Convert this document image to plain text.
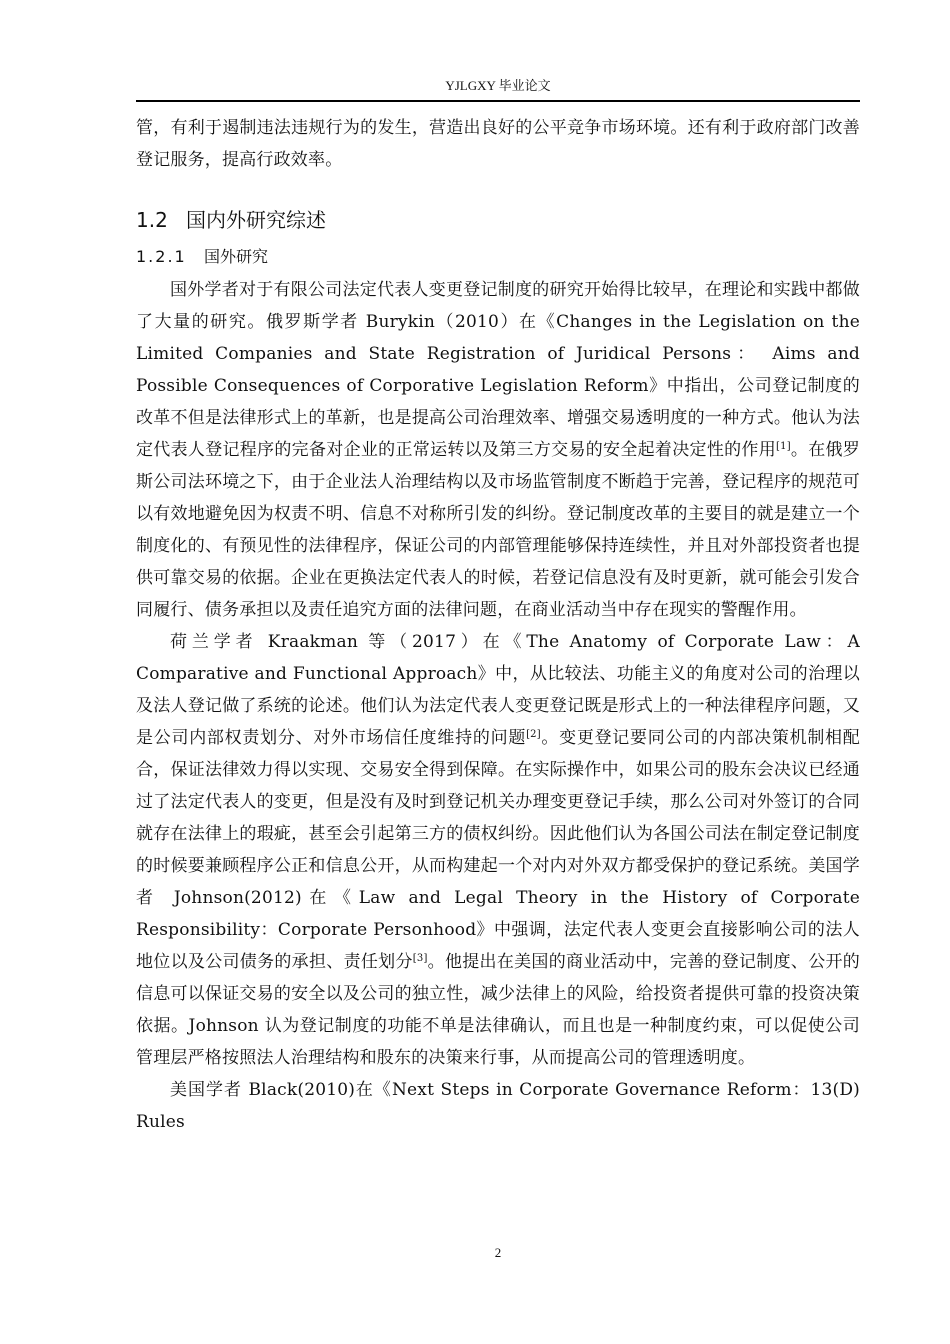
YJLGXY 毕业论文

管，有利于遏制违法违规行为的发生，营造出良好的公平竞争市场环境。还有利于政府部门改善登记服务，提高行政效率。

1.2 国内外研究综述
1.2.1 国外研究

国外学者对于有限公司法定代表人变更登记制度的研究开始得比较早，在理论和实践中都做了大量的研究。俄罗斯学者 Burykin（2010）在《Changes in the Legislation on the Limited Companies and State Registration of Juridical Persons： Aims and Possible Consequences of Corporative Legislation Reform》中指出，公司登记制度的改革不但是法律形式上的革新，也是提高公司治理效率、增强交易透明度的一种方式。他认为法定代表人登记程序的完备对企业的正常运转以及第三方交易的安全起着决定性的作用[1]。在俄罗斯公司法环境之下，由于企业法人治理结构以及市场监管制度不断趋于完善，登记程序的规范可以有效地避免因为权责不明、信息不对称所引发的纠纷。登记制度改革的主要目的就是建立一个制度化的、有预见性的法律程序，保证公司的内部管理能够保持连续性，并且对外部投资者也提供可靠交易的依据。企业在更换法定代表人的时候，若登记信息没有及时更新，就可能会引发合同履行、债务承担以及责任追究方面的法律问题，在商业活动当中存在现实的警醒作用。

荷兰学者 Kraakman 等（2017）在《The Anatomy of Corporate Law：A Comparative and Functional Approach》中，从比较法、功能主义的角度对公司的治理以及法人登记做了系统的论述。他们认为法定代表人变更登记既是形式上的一种法律程序问题，又是公司内部权责划分、对外市场信任度维持的问题[2]。变更登记要同公司的内部决策机制相配合，保证法律效力得以实现、交易安全得到保障。在实际操作中，如果公司的股东会决议已经通过了法定代表人的变更，但是没有及时到登记机关办理变更登记手续，那么公司对外签订的合同就存在法律上的瑕疵，甚至会引起第三方的债权纠纷。因此他们认为各国公司法在制定登记制度的时候要兼顾程序公正和信息公开，从而构建起一个对内对外双方都受保护的登记系统。美国学者 Johnson(2012)在《Law and Legal Theory in the History of Corporate Responsibility：Corporate Personhood》中强调，法定代表人变更会直接影响公司的法人地位以及公司债务的承担、责任划分[3]。他提出在美国的商业活动中，完善的登记制度、公开的信息可以保证交易的安全以及公司的独立性，减少法律上的风险，给投资者提供可靠的投资决策依据。Johnson 认为登记制度的功能不单是法律确认，而且也是一种制度约束，可以促使公司管理层严格按照法人治理结构和股东的决策来行事，从而提高公司的管理透明度。

美国学者 Black(2010)在《Next Steps in Corporate Governance Reform：13(D) Rules

2
